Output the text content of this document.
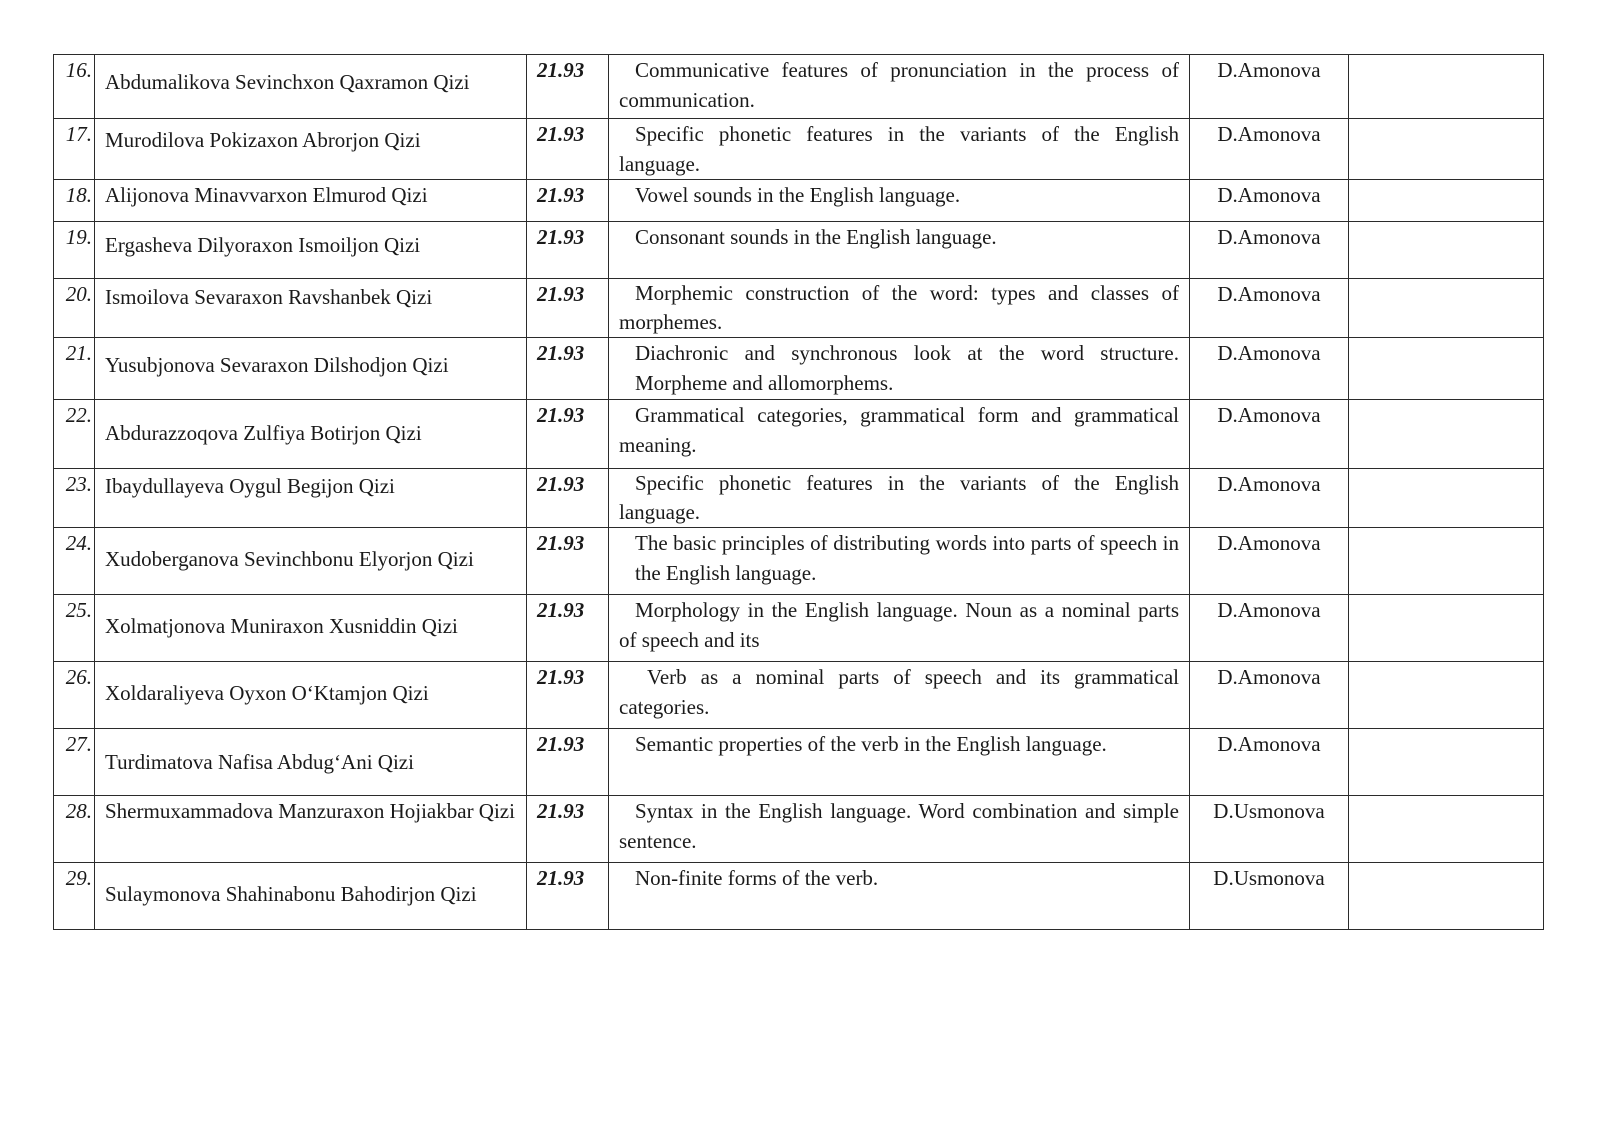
16.	Abdumalikova Sevinchxon Qaxramon Qizi	21.93	Communicative features of pronunciation in the process of communication.	D.Amonova	
17.	Murodilova Pokizaxon Abrorjon Qizi	21.93	Specific phonetic features in the variants of the English language.	D.Amonova	
18.	Alijonova Minavvarxon Elmurod Qizi	21.93	Vowel sounds in the English language.	D.Amonova	
19.	Ergasheva Dilyoraxon Ismoiljon Qizi	21.93	Consonant sounds in the English language.	D.Amonova	
20.	Ismoilova Sevaraxon Ravshanbek Qizi	21.93	Morphemic construction of the word: types and classes of morphemes.	D.Amonova	
21.	Yusubjonova Sevaraxon Dilshodjon Qizi	21.93	Diachronic and synchronous look at the word structure. Morpheme and allomorphems.	D.Amonova	
22.	Abdurazzoqova Zulfiya Botirjon Qizi	21.93	Grammatical categories, grammatical form and grammatical meaning.	D.Amonova	
23.	Ibaydullayeva Oygul Begijon Qizi	21.93	Specific phonetic features in the variants of the English language.	D.Amonova	
24.	Xudoberganova Sevinchbonu Elyorjon Qizi	21.93	The basic principles of distributing words into parts of speech in the English language.	D.Amonova	
25.	Xolmatjonova Muniraxon Xusniddin Qizi	21.93	Morphology in the English language. Noun as a nominal parts of speech and its	D.Amonova	
26.	Xoldaraliyeva Oyxon O‘Ktamjon Qizi	21.93	Verb as a nominal parts of speech and its grammatical categories.	D.Amonova	
27.	Turdimatova Nafisa Abdug‘Ani Qizi	21.93	Semantic properties of the verb in the English language.	D.Amonova	
28.	Shermuxammadova Manzuraxon Hojiakbar Qizi	21.93	Syntax in the English language. Word combination and simple sentence.	D.Usmonova	
29.	Sulaymonova Shahinabonu Bahodirjon Qizi	21.93	Non-finite forms of the verb.	D.Usmonova	
